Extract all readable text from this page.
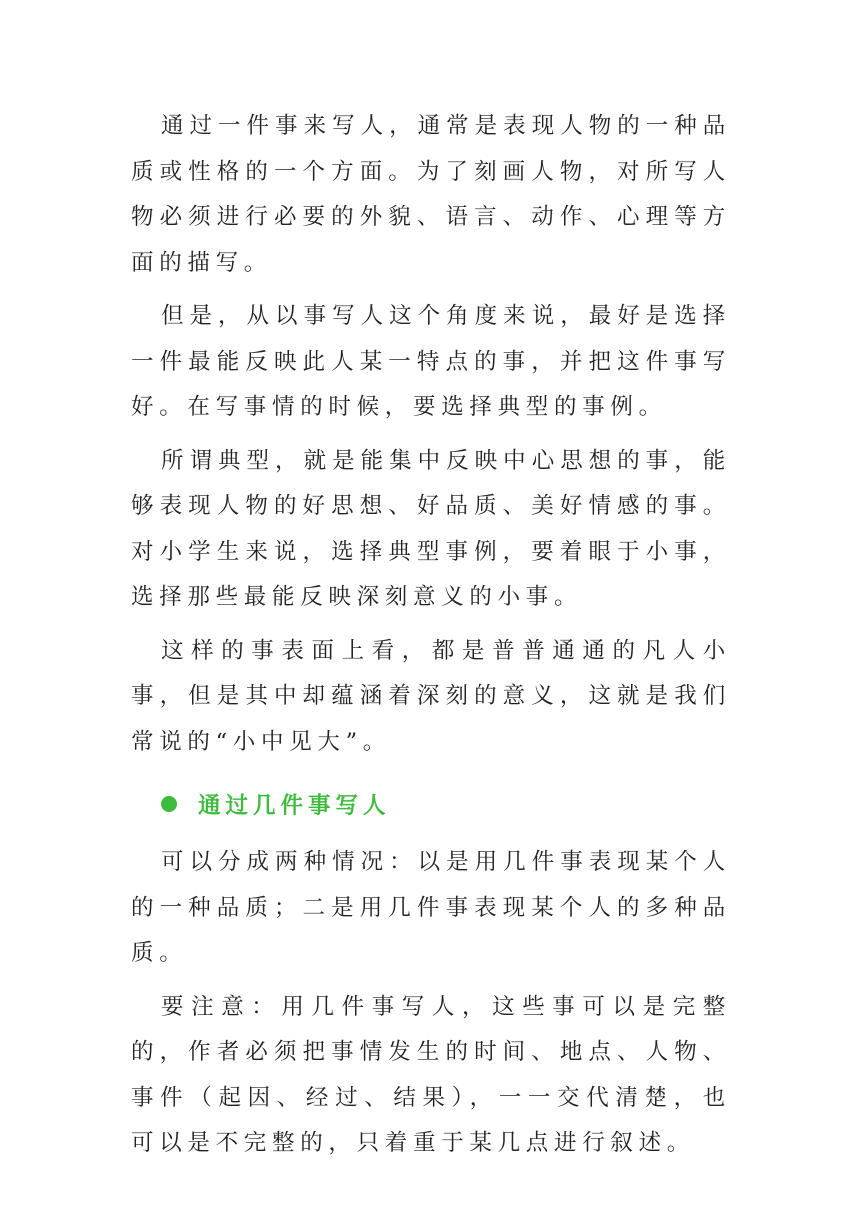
通过一件事来写人，通常是表现人物的一种品质或性格的一个方面。为了刻画人物，对所写人物必须进行必要的外貌、语言、动作、心理等方面的描写。

但是，从以事写人这个角度来说，最好是选择一件最能反映此人某一特点的事，并把这件事写好。在写事情的时候，要选择典型的事例。

所谓典型，就是能集中反映中心思想的事，能够表现人物的好思想、好品质、美好情感的事。对小学生来说，选择典型事例，要着眼于小事，选择那些最能反映深刻意义的小事。

这样的事表面上看，都是普普通通的凡人小事，但是其中却蕴涵着深刻的意义，这就是我们常说的“小中见大”。

通过几件事写人

可以分成两种情况：以是用几件事表现某个人的一种品质；二是用几件事表现某个人的多种品质。

要注意：用几件事写人，这些事可以是完整的，作者必须把事情发生的时间、地点、人物、事件（起因、经过、结果），一一交代清楚，也可以是不完整的，只着重于某几点进行叙述。
